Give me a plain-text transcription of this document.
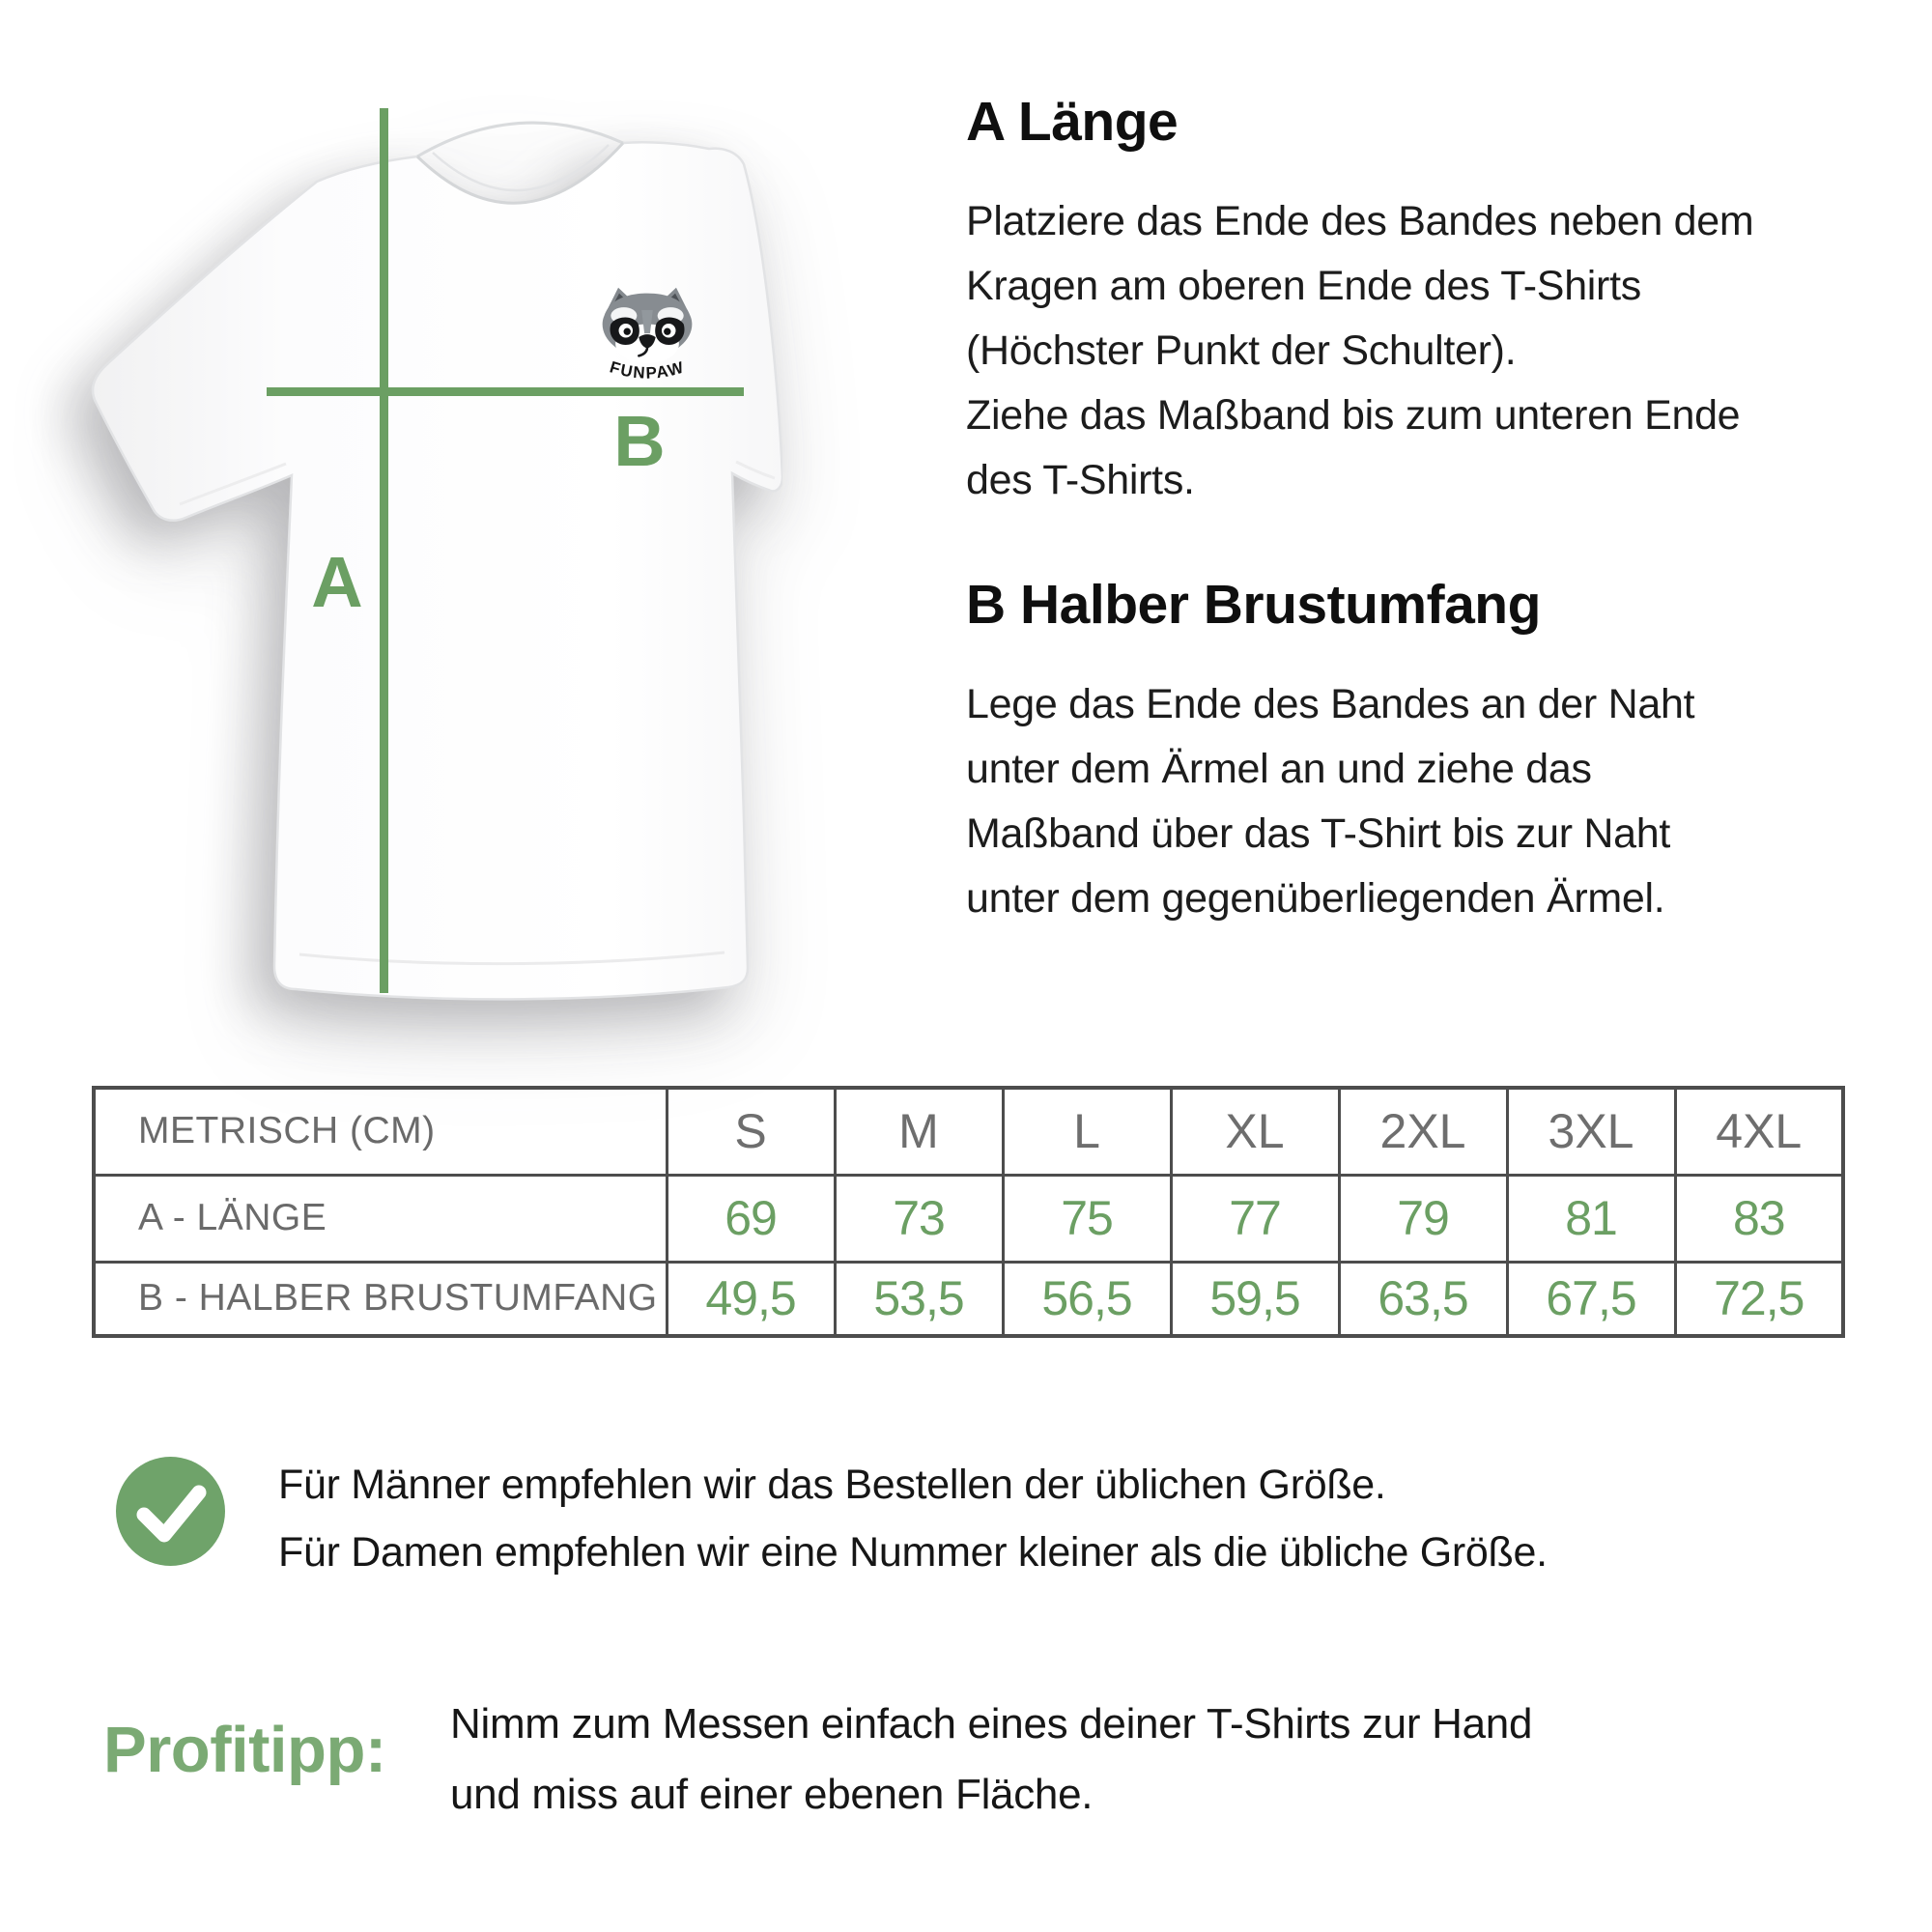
FUNPAW
A
B
A Länge
Platziere das Ende des Bandes neben dem
Kragen am oberen Ende des T-Shirts
(Höchster Punkt der Schulter).
Ziehe das Maßband bis zum unteren Ende
des T-Shirts.
B Halber Brustumfang
Lege das Ende des Bandes an der Naht
unter dem Ärmel an und ziehe das
Maßband über das T-Shirt bis zur Naht
unter dem gegenüberliegenden Ärmel.
METRISCH (CM)	S	M	L	XL	2XL	3XL	4XL
A - LÄNGE	69	73	75	77	79	81	83
B - HALBER BRUSTUMFANG	49,5	53,5	56,5	59,5	63,5	67,5	72,5
Für Männer empfehlen wir das Bestellen der üblichen Größe.
Für Damen empfehlen wir eine Nummer kleiner als die übliche Größe.
Profitipp: Nimm zum Messen einfach eines deiner T-Shirts zur Hand
und miss auf einer ebenen Fläche.
